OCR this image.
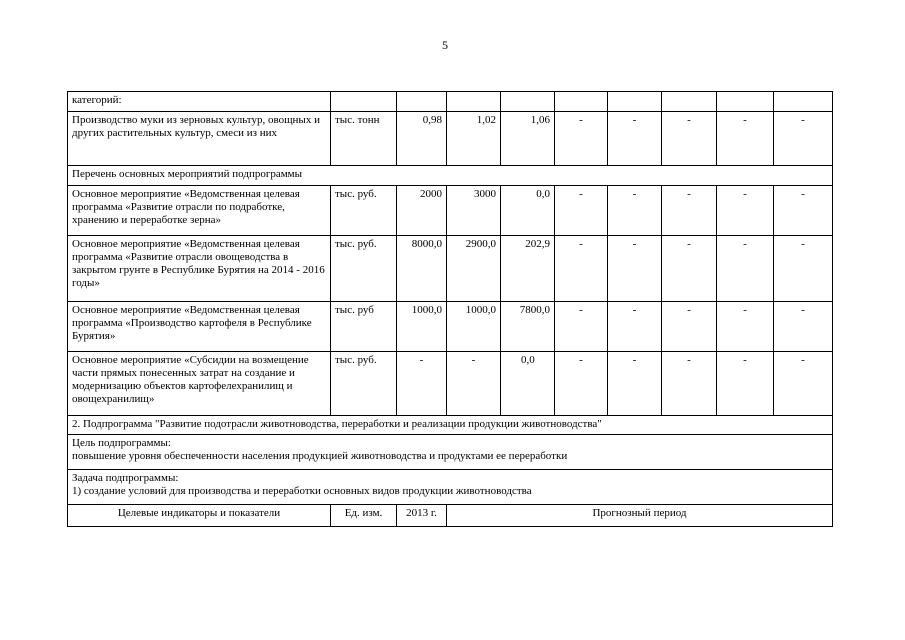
5
категорий:									
Производство муки из зерновых культур, овощных и других растительных культур, смеси из них	тыс. тонн	0,98	1,02	1,06	-	-	-	-	-
Перечень основных мероприятий подпрограммы									
Основное мероприятие «Ведомственная целевая программа «Развитие отрасли по подработке, хранению и переработке зерна»	тыс. руб.	2000	3000	0,0	-	-	-	-	-
Основное мероприятие «Ведомственная целевая программа «Развитие отрасли овощеводства в закрытом грунте в Республике Бурятия на 2014 - 2016 годы»	тыс. руб.	8000,0	2900,0	202,9	-	-	-	-	-
Основное мероприятие «Ведомственная целевая программа «Производство картофеля в Республике Бурятия»	тыс. руб	1000,0	1000,0	7800,0	-	-	-	-	-
Основное мероприятие «Субсидии на возмещение части прямых понесенных затрат на создание и модернизацию объектов картофелехранилищ и овощехранилищ»	тыс. руб.	-	-	0,0	-	-	-	-	-
2. Подпрограмма "Развитие подотрасли животноводства, переработки и реализации продукции животноводства"									

Цель подпрограммы:
повышение уровня обеспеченности населения продукцией животноводства и продуктами ее переработки									

Задача подпрограммы:
1) создание условий для производства и переработки основных видов продукции животноводства									

Целевые индикаторы и показатели	Ед. изм.	2013 г.	Прогнозный период						
